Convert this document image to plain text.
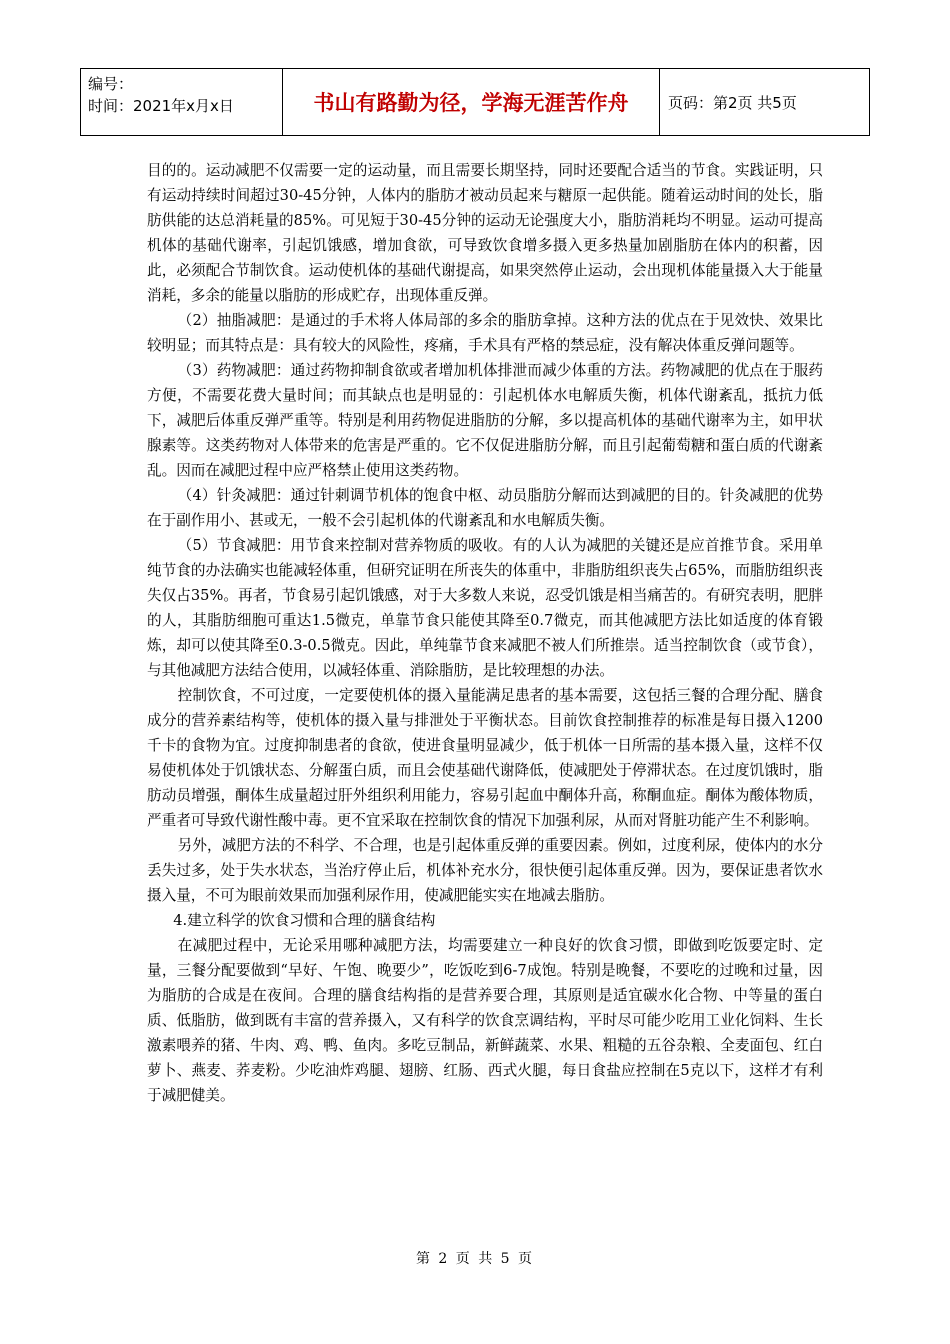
编号：
时间：2021年x月x日	书山有路勤为径，学海无涯苦作舟	页码：第2页 共5页

目的的。运动减肥不仅需要一定的运动量，而且需要长期坚持，同时还要配合适当的节食。实践证明，只有运动持续时间超过30-45分钟，人体内的脂肪才被动员起来与糖原一起供能。随着运动时间的处长，脂肪供能的达总消耗量的85%。可见短于30-45分钟的运动无论强度大小，脂肪消耗均不明显。运动可提高机体的基础代谢率，引起饥饿感，增加食欲，可导致饮食增多摄入更多热量加剧脂肪在体内的积蓄，因此，必须配合节制饮食。运动使机体的基础代谢提高，如果突然停止运动，会出现机体能量摄入大于能量消耗，多余的能量以脂肪的形成贮存，出现体重反弹。

（2）抽脂减肥：是通过的手术将人体局部的多余的脂肪拿掉。这种方法的优点在于见效快、效果比较明显；而其特点是：具有较大的风险性，疼痛，手术具有严格的禁忌症，没有解决体重反弹问题等。

（3）药物减肥：通过药物抑制食欲或者增加机体排泄而减少体重的方法。药物减肥的优点在于服药方便，不需要花费大量时间；而其缺点也是明显的：引起机体水电解质失衡，机体代谢紊乱，抵抗力低下，减肥后体重反弹严重等。特别是利用药物促进脂肪的分解，多以提高机体的基础代谢率为主，如甲状腺素等。这类药物对人体带来的危害是严重的。它不仅促进脂肪分解，而且引起葡萄糖和蛋白质的代谢紊乱。因而在减肥过程中应严格禁止使用这类药物。

（4）针灸减肥：通过针刺调节机体的饱食中枢、动员脂肪分解而达到减肥的目的。针灸减肥的优势在于副作用小、甚或无，一般不会引起机体的代谢紊乱和水电解质失衡。

（5）节食减肥：用节食来控制对营养物质的吸收。有的人认为减肥的关键还是应首推节食。采用单纯节食的办法确实也能减轻体重，但研究证明在所丧失的体重中，非脂肪组织丧失占65%，而脂肪组织丧失仅占35%。再者，节食易引起饥饿感，对于大多数人来说，忍受饥饿是相当痛苦的。有研究表明，肥胖的人，其脂肪细胞可重达1.5微克，单靠节食只能使其降至0.7微克，而其他减肥方法比如适度的体育锻炼，却可以使其降至0.3-0.5微克。因此，单纯靠节食来减肥不被人们所推崇。适当控制饮食（或节食），与其他减肥方法结合使用，以减轻体重、消除脂肪，是比较理想的办法。

控制饮食，不可过度，一定要使机体的摄入量能满足患者的基本需要，这包括三餐的合理分配、膳食成分的营养素结构等，使机体的摄入量与排泄处于平衡状态。目前饮食控制推荐的标准是每日摄入1200千卡的食物为宜。过度抑制患者的食欲，使进食量明显减少，低于机体一日所需的基本摄入量，这样不仅易使机体处于饥饿状态、分解蛋白质，而且会使基础代谢降低，使减肥处于停滞状态。在过度饥饿时，脂肪动员增强，酮体生成量超过肝外组织利用能力，容易引起血中酮体升高，称酮血症。酮体为酸体物质，严重者可导致代谢性酸中毒。更不宜采取在控制饮食的情况下加强利尿，从而对肾脏功能产生不利影响。

另外，减肥方法的不科学、不合理，也是引起体重反弹的重要因素。例如，过度利尿，使体内的水分丢失过多，处于失水状态，当治疗停止后，机体补充水分，很快便引起体重反弹。因为，要保证患者饮水摄入量，不可为眼前效果而加强利尿作用，使减肥能实实在地减去脂肪。

4.建立科学的饮食习惯和合理的膳食结构

在减肥过程中，无论采用哪种减肥方法，均需要建立一种良好的饮食习惯，即做到吃饭要定时、定量，三餐分配要做到“早好、午饱、晚要少”，吃饭吃到6-7成饱。特别是晚餐，不要吃的过晚和过量，因为脂肪的合成是在夜间。合理的膳食结构指的是营养要合理，其原则是适宜碳水化合物、中等量的蛋白质、低脂肪，做到既有丰富的营养摄入，又有科学的饮食烹调结构，平时尽可能少吃用工业化饲料、生长激素喂养的猪、牛肉、鸡、鸭、鱼肉。多吃豆制品，新鲜蔬菜、水果、粗糙的五谷杂粮、全麦面包、红白萝卜、燕麦、荞麦粉。少吃油炸鸡腿、翅膀、红肠、西式火腿，每日食盐应控制在5克以下，这样才有利于减肥健美。

第 2 页 共 5 页
